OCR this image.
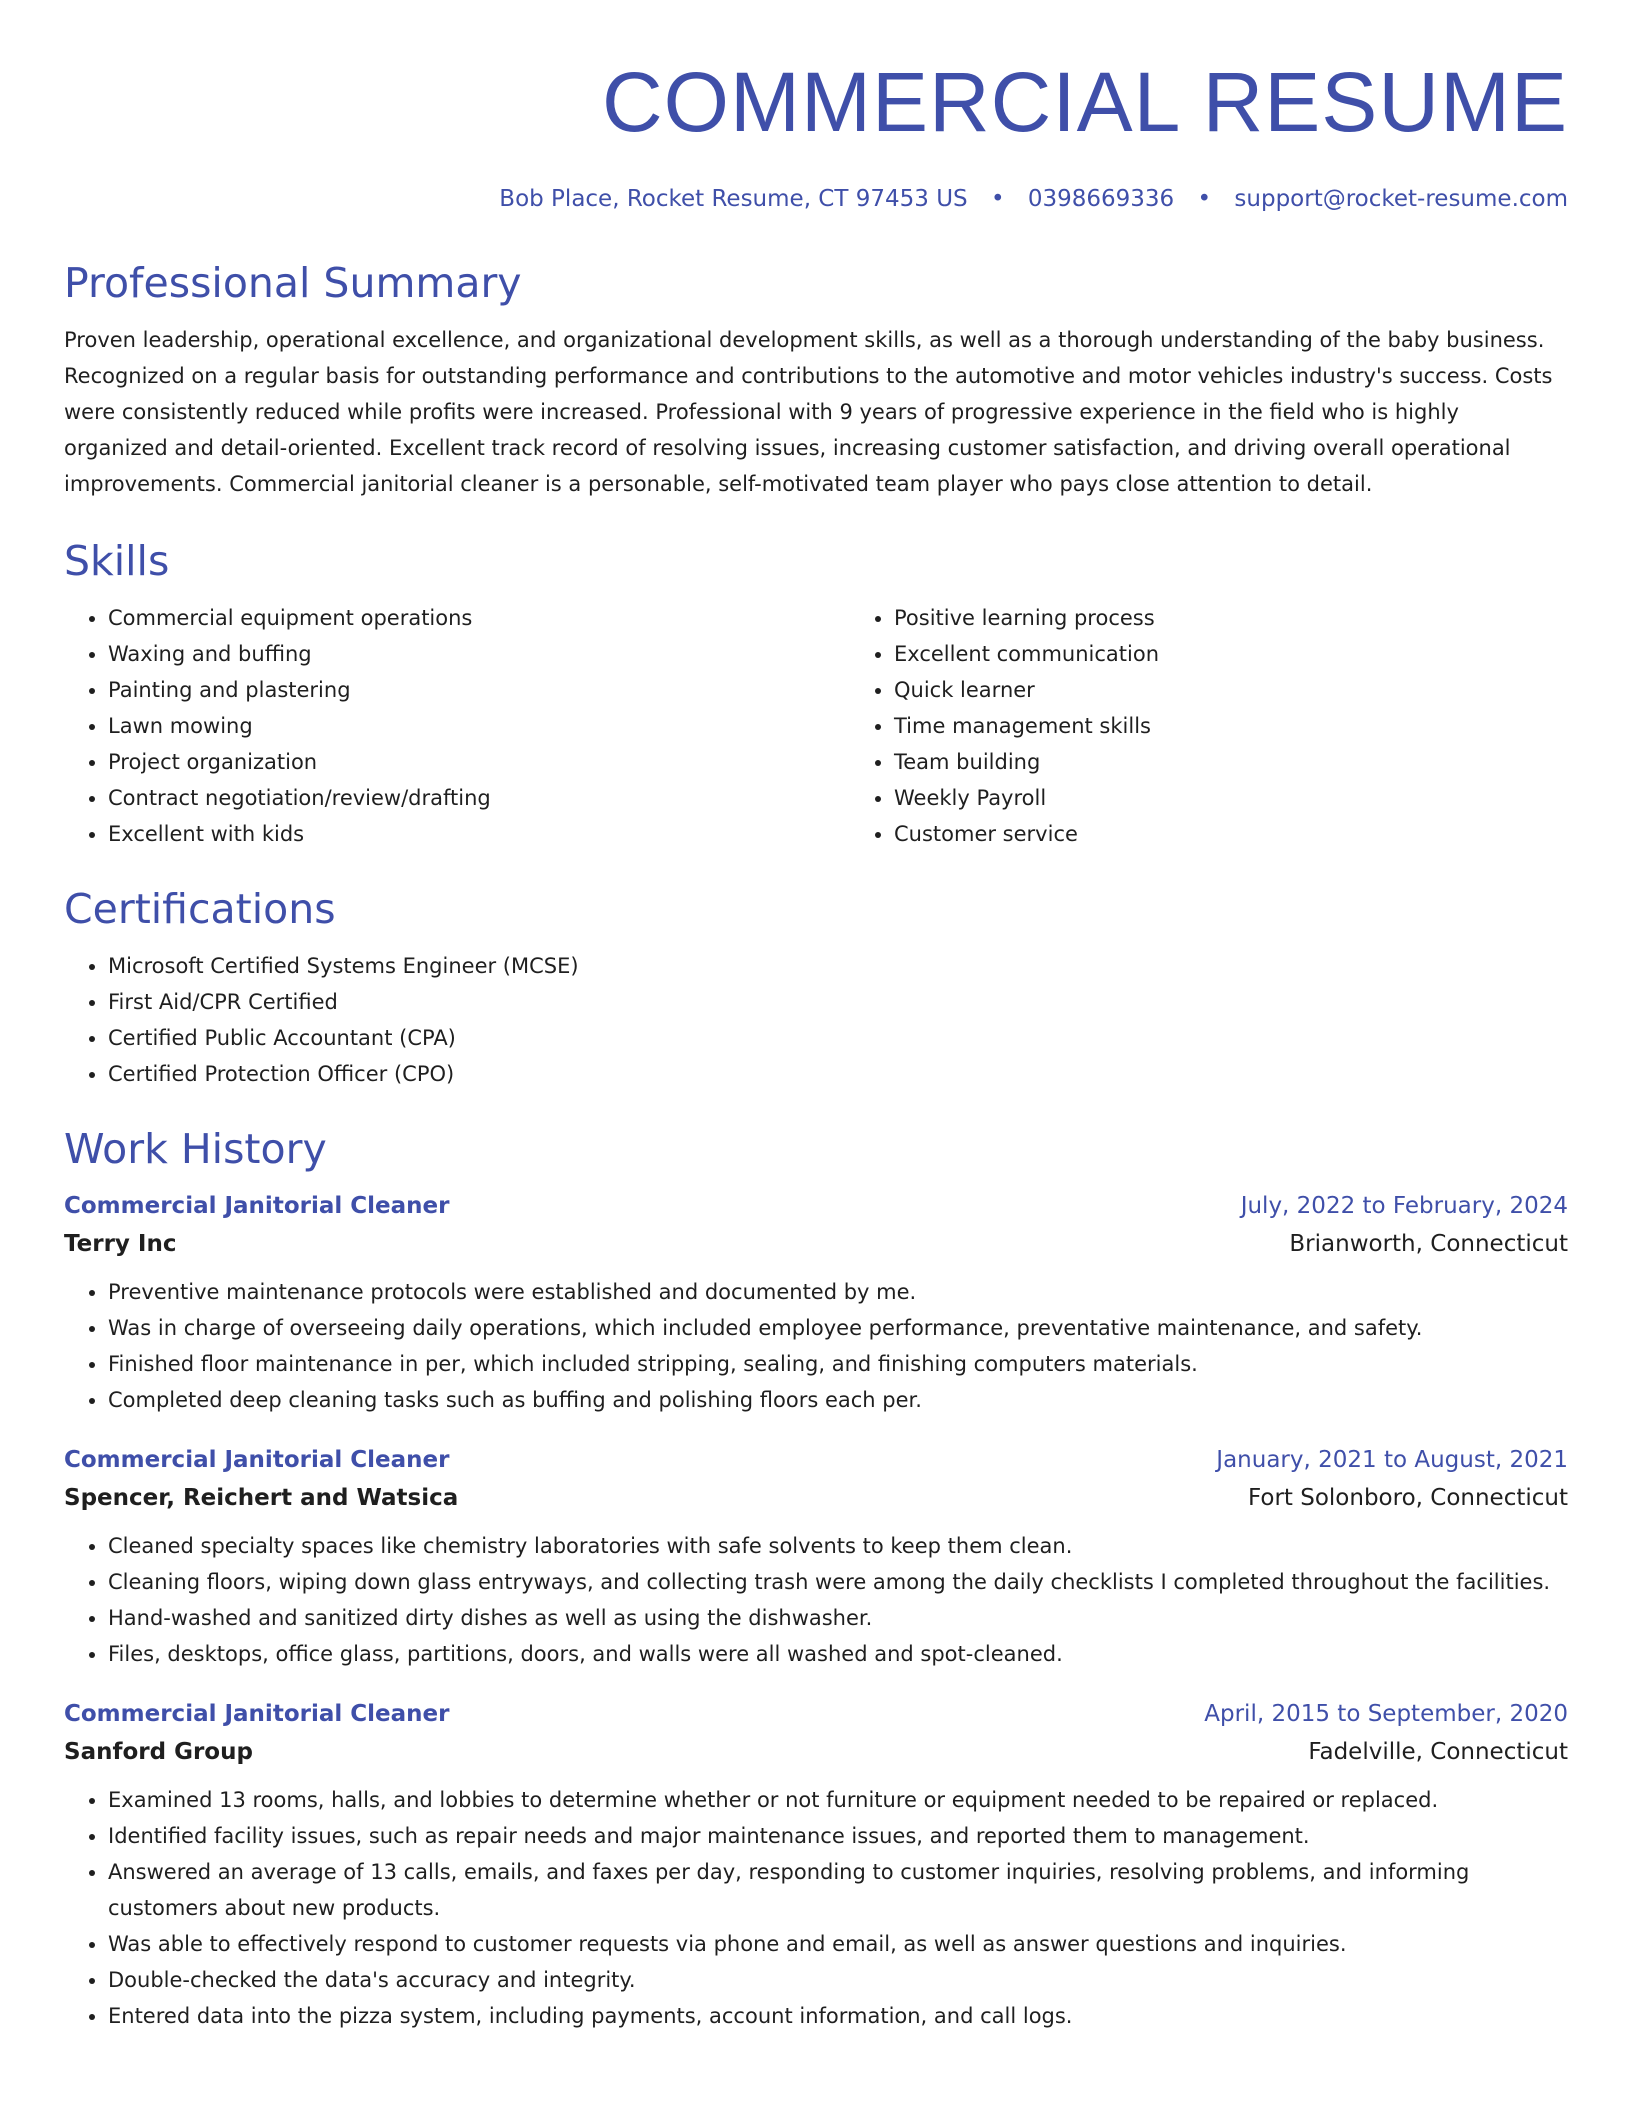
COMMERCIAL RESUME
Bob Place, Rocket Resume, CT 97453 US • 0398669336 • support@rocket-resume.com
Professional Summary

Proven leadership, operational excellence, and organizational development skills, as well as a thorough understanding of the baby business. Recognized on a regular basis for outstanding performance and contributions to the automotive and motor vehicles industry's success. Costs were consistently reduced while profits were increased. Professional with 9 years of progressive experience in the field who is highly organized and detail-oriented. Excellent track record of resolving issues, increasing customer satisfaction, and driving overall operational improvements. Commercial janitorial cleaner is a personable, self-motivated team player who pays close attention to detail.

Skills
• Commercial equipment operations
• Waxing and buffing
• Painting and plastering
• Lawn mowing
• Project organization
• Contract negotiation/review/drafting
• Excellent with kids
• Positive learning process
• Excellent communication
• Quick learner
• Time management skills
• Team building
• Weekly Payroll
• Customer service
Certifications
• Microsoft Certified Systems Engineer (MCSE)
• First Aid/CPR Certified
• Certified Public Accountant (CPA)
• Certified Protection Officer (CPO)
Work History
Commercial Janitorial Cleaner	July, 2022 to February, 2024
Terry Inc	Brianworth, Connecticut
• Preventive maintenance protocols were established and documented by me.
• Was in charge of overseeing daily operations, which included employee performance, preventative maintenance, and safety.
• Finished floor maintenance in per, which included stripping, sealing, and finishing computers materials.
• Completed deep cleaning tasks such as buffing and polishing floors each per.
Commercial Janitorial Cleaner	January, 2021 to August, 2021
Spencer, Reichert and Watsica	Fort Solonboro, Connecticut
• Cleaned specialty spaces like chemistry laboratories with safe solvents to keep them clean.
• Cleaning floors, wiping down glass entryways, and collecting trash were among the daily checklists I completed throughout the facilities.
• Hand-washed and sanitized dirty dishes as well as using the dishwasher.
• Files, desktops, office glass, partitions, doors, and walls were all washed and spot-cleaned.
Commercial Janitorial Cleaner	April, 2015 to September, 2020
Sanford Group	Fadelville, Connecticut
• Examined 13 rooms, halls, and lobbies to determine whether or not furniture or equipment needed to be repaired or replaced.
• Identified facility issues, such as repair needs and major maintenance issues, and reported them to management.
• Answered an average of 13 calls, emails, and faxes per day, responding to customer inquiries, resolving problems, and informing customers about new products.
• Was able to effectively respond to customer requests via phone and email, as well as answer questions and inquiries.
• Double-checked the data's accuracy and integrity.
• Entered data into the pizza system, including payments, account information, and call logs.
